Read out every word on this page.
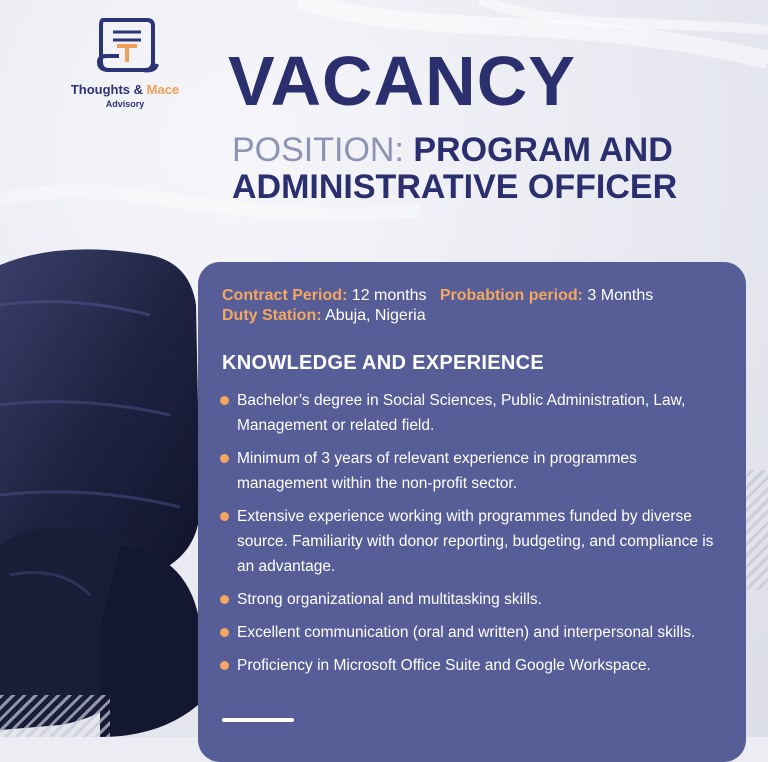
Thoughts & Mace
Advisory	VACANCY
POSITION: PROGRAM AND ADMINISTRATIVE OFFICER
Contract Period: 12 months Probabtion period: 3 Months
Duty Station: Abuja, Nigeria
KNOWLEDGE AND EXPERIENCE
Bachelor’s degree in Social Sciences, Public Administration, Law, Management or related field.
Minimum of 3 years of relevant experience in programmes management within the non-profit sector.
Extensive experience working with programmes funded by diverse source. Familiarity with donor reporting, budgeting, and compliance is an advantage.
Strong organizational and multitasking skills.
Excellent communication (oral and written) and interpersonal skills.
Proficiency in Microsoft Office Suite and Google Workspace.
